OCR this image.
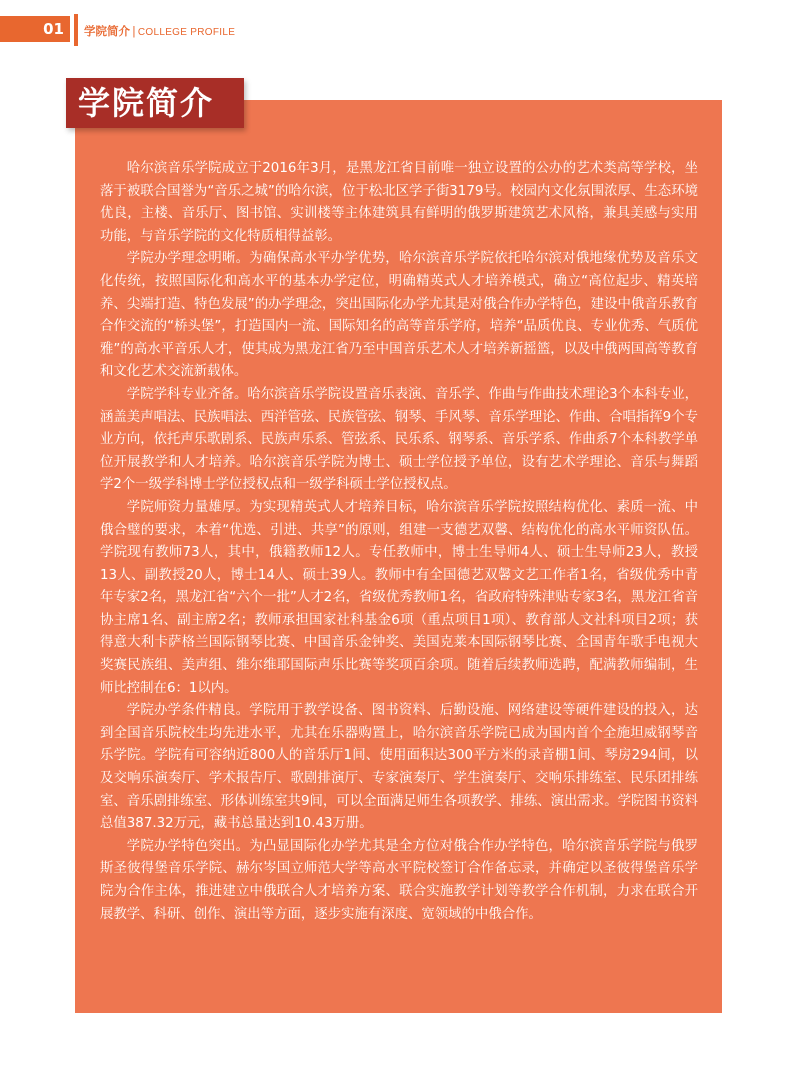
01	学院简介 | COLLEGE PROFILE
学院简介

哈尔滨音乐学院成立于2016年3月，是黑龙江省目前唯一独立设置的公办的艺术类高等学校，坐落于被联合国誉为“音乐之城”的哈尔滨，位于松北区学子街3179号。校园内文化氛围浓厚、生态环境优良，主楼、音乐厅、图书馆、实训楼等主体建筑具有鲜明的俄罗斯建筑艺术风格，兼具美感与实用功能，与音乐学院的文化特质相得益彰。

学院办学理念明晰。为确保高水平办学优势，哈尔滨音乐学院依托哈尔滨对俄地缘优势及音乐文化传统，按照国际化和高水平的基本办学定位，明确精英式人才培养模式，确立“高位起步、精英培养、尖端打造、特色发展”的办学理念，突出国际化办学尤其是对俄合作办学特色，建设中俄音乐教育合作交流的“桥头堡”，打造国内一流、国际知名的高等音乐学府，培养“品质优良、专业优秀、气质优雅”的高水平音乐人才，使其成为黑龙江省乃至中国音乐艺术人才培养新摇篮，以及中俄两国高等教育和文化艺术交流新载体。

学院学科专业齐备。哈尔滨音乐学院设置音乐表演、音乐学、作曲与作曲技术理论3个本科专业，涵盖美声唱法、民族唱法、西洋管弦、民族管弦、钢琴、手风琴、音乐学理论、作曲、合唱指挥9个专业方向，依托声乐歌剧系、民族声乐系、管弦系、民乐系、钢琴系、音乐学系、作曲系7个本科教学单位开展教学和人才培养。哈尔滨音乐学院为博士、硕士学位授予单位，设有艺术学理论、音乐与舞蹈学2个一级学科博士学位授权点和一级学科硕士学位授权点。

学院师资力量雄厚。为实现精英式人才培养目标，哈尔滨音乐学院按照结构优化、素质一流、中俄合璧的要求，本着“优选、引进、共享”的原则，组建一支德艺双馨、结构优化的高水平师资队伍。学院现有教师73人，其中，俄籍教师12人。专任教师中，博士生导师4人、硕士生导师23人，教授13人、副教授20人，博士14人、硕士39人。教师中有全国德艺双馨文艺工作者1名，省级优秀中青年专家2名，黑龙江省“六个一批”人才2名，省级优秀教师1名，省政府特殊津贴专家3名，黑龙江省音协主席1名、副主席2名；教师承担国家社科基金6项（重点项目1项）、教育部人文社科项目2项；获得意大利卡萨格兰国际钢琴比赛、中国音乐金钟奖、美国克莱本国际钢琴比赛、全国青年歌手电视大奖赛民族组、美声组、维尔维耶国际声乐比赛等奖项百余项。随着后续教师选聘，配满教师编制，生师比控制在6：1以内。

学院办学条件精良。学院用于教学设备、图书资料、后勤设施、网络建设等硬件建设的投入，达到全国音乐院校生均先进水平，尤其在乐器购置上，哈尔滨音乐学院已成为国内首个全施坦威钢琴音乐学院。学院有可容纳近800人的音乐厅1间、使用面积达300平方米的录音棚1间、琴房294间，以及交响乐演奏厅、学术报告厅、歌剧排演厅、专家演奏厅、学生演奏厅、交响乐排练室、民乐团排练室、音乐剧排练室、形体训练室共9间，可以全面满足师生各项教学、排练、演出需求。学院图书资料总值387.32万元，藏书总量达到10.43万册。

学院办学特色突出。为凸显国际化办学尤其是全方位对俄合作办学特色，哈尔滨音乐学院与俄罗斯圣彼得堡音乐学院、赫尔岑国立师范大学等高水平院校签订合作备忘录，并确定以圣彼得堡音乐学院为合作主体，推进建立中俄联合人才培养方案、联合实施教学计划等教学合作机制，力求在联合开展教学、科研、创作、演出等方面，逐步实施有深度、宽领域的中俄合作。
